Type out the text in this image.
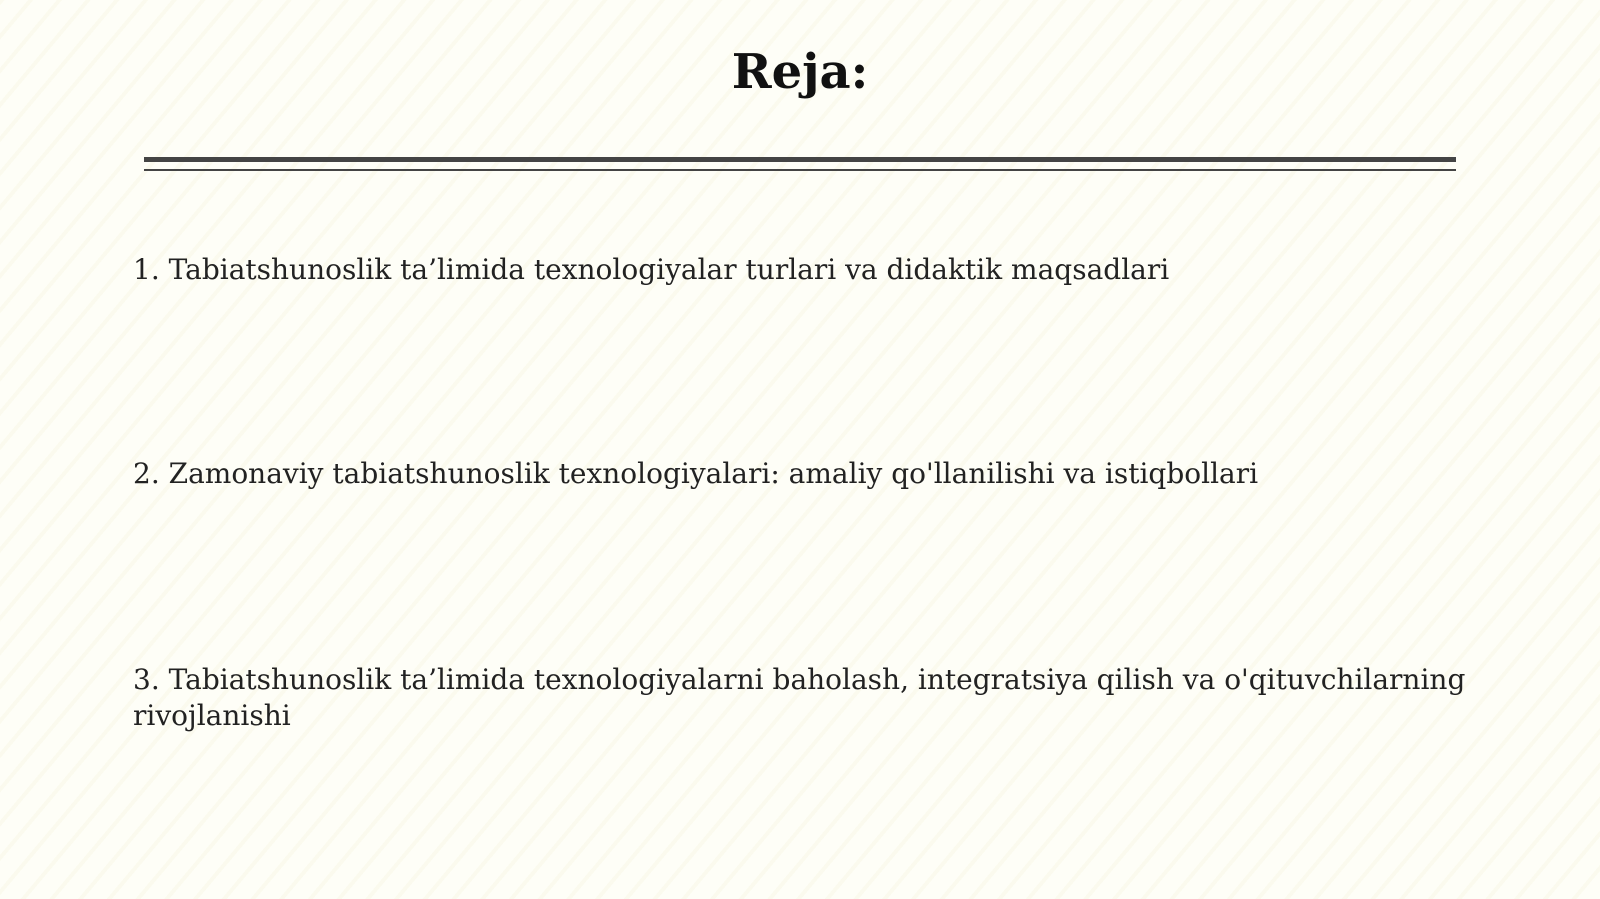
Reja:
1. Tabiatshunoslik ta’limida texnologiyalar turlari va didaktik maqsadlari
2. Zamonaviy tabiatshunoslik texnologiyalari: amaliy qo'llanilishi va istiqbollari
3. Tabiatshunoslik ta’limida texnologiyalarni baholash, integratsiya qilish va o'qituvchilarning rivojlanishi
